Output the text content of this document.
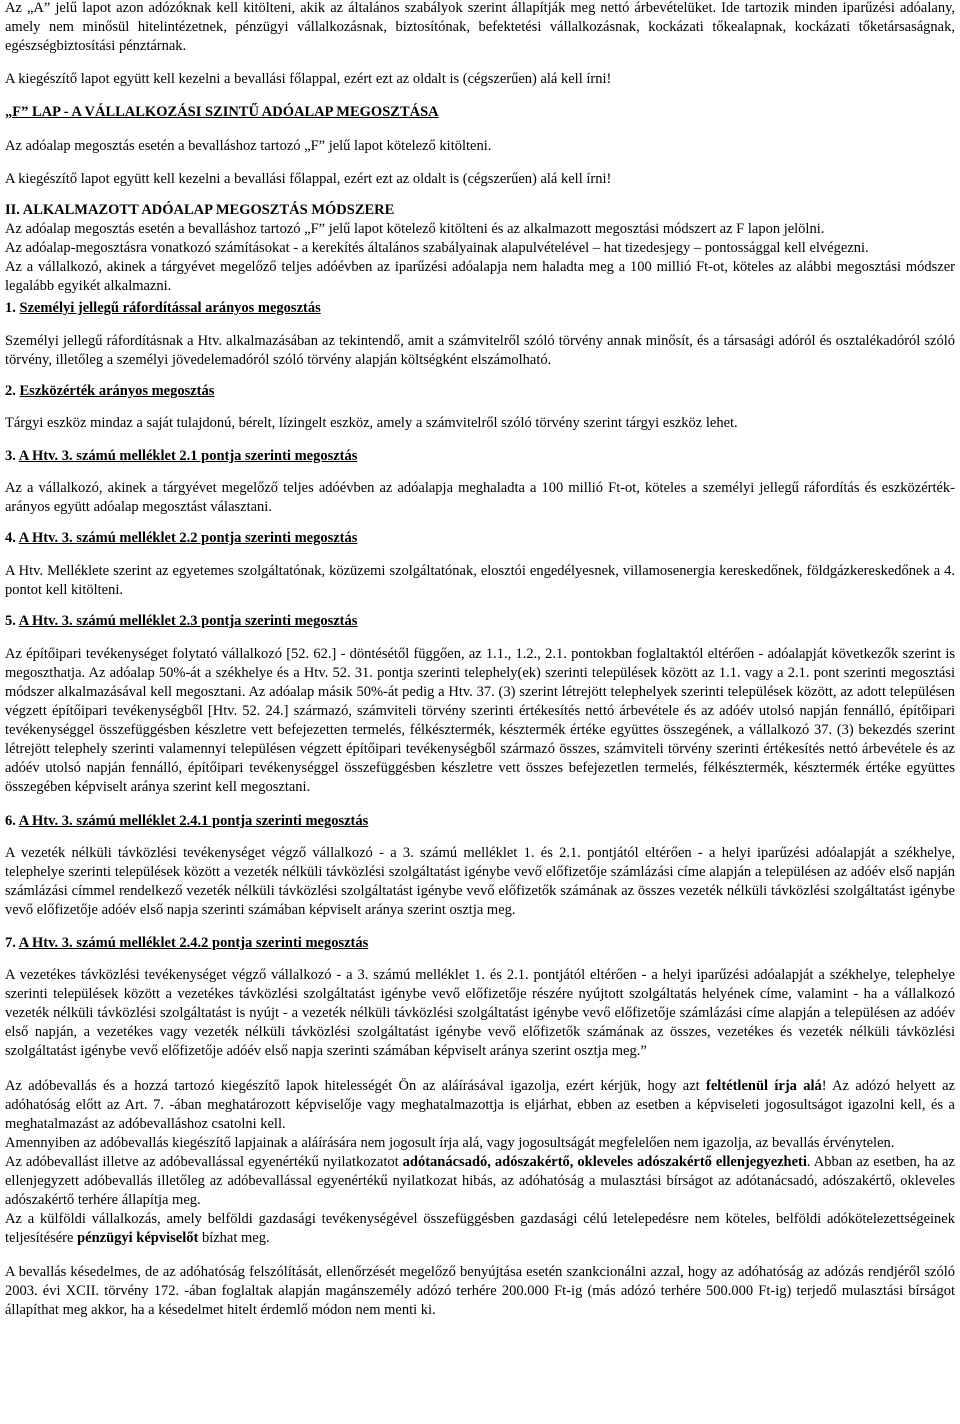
Az „A” jelű lapot azon adózóknak kell kitölteni, akik az általános szabályok szerint állapítják meg nettó árbevételüket. Ide tartozik minden iparűzési adóalany, amely nem minősül hitelintézetnek, pénzügyi vállalkozásnak, biztosítónak, befektetési vállalkozásnak, kockázati tőkealapnak, kockázati tőketársaságnak, egészségbiztosítási pénztárnak.

A kiegészítő lapot együtt kell kezelni a bevallási főlappal, ezért ezt az oldalt is (cégszerűen) alá kell írni!

„F” LAP - A VÁLLALKOZÁSI SZINTŰ ADÓALAP MEGOSZTÁSA

Az adóalap megosztás esetén a bevalláshoz tartozó „F” jelű lapot kötelező kitölteni.

A kiegészítő lapot együtt kell kezelni a bevallási főlappal, ezért ezt az oldalt is (cégszerűen) alá kell írni!

II. ALKALMAZOTT ADÓALAP MEGOSZTÁS MÓDSZERE

Az adóalap megosztás esetén a bevalláshoz tartozó „F” jelű lapot kötelező kitölteni és az alkalmazott megosztási módszert az F lapon jelölni.

Az adóalap-megosztásra vonatkozó számításokat - a kerekítés általános szabályainak alapulvételével – hat tizedesjegy – pontossággal kell elvégezni.

Az a vállalkozó, akinek a tárgyévet megelőző teljes adóévben az iparűzési adóalapja nem haladta meg a 100 millió Ft-ot, köteles az alábbi megosztási módszer legalább egyikét alkalmazni.

1. Személyi jellegű ráfordítással arányos megosztás

Személyi jellegű ráfordításnak a Htv. alkalmazásában az tekintendő, amit a számvitelről szóló törvény annak minősít, és a társasági adóról és osztalékadóról szóló törvény, illetőleg a személyi jövedelemadóról szóló törvény alapján költségként elszámolható.

2. Eszközérték arányos megosztás

Tárgyi eszköz mindaz a saját tulajdonú, bérelt, lízingelt eszköz, amely a számvitelről szóló törvény szerint tárgyi eszköz lehet.

3. A Htv. 3. számú melléklet 2.1 pontja szerinti megosztás

Az a vállalkozó, akinek a tárgyévet megelőző teljes adóévben az adóalapja meghaladta a 100 millió Ft-ot, köteles a személyi jellegű ráfordítás és eszközérték-arányos együtt adóalap megosztást választani.

4. A Htv. 3. számú melléklet 2.2 pontja szerinti megosztás

A Htv. Melléklete szerint az egyetemes szolgáltatónak, közüzemi szolgáltatónak, elosztói engedélyesnek, villamosenergia kereskedőnek, földgázkereskedőnek a 4. pontot kell kitölteni.

5. A Htv. 3. számú melléklet 2.3 pontja szerinti megosztás

Az építőipari tevékenységet folytató vállalkozó [52. 62.] - döntésétől függően, az 1.1., 1.2., 2.1. pontokban foglaltaktól eltérően - adóalapját következők szerint is megoszthatja. Az adóalap 50%-át a székhelye és a Htv. 52. 31. pontja szerinti telephely(ek) szerinti települések között az 1.1. vagy a 2.1. pont szerinti megosztási módszer alkalmazásával kell megosztani. Az adóalap másik 50%-át pedig a Htv. 37. (3) szerint létrejött telephelyek szerinti települések között, az adott településen végzett építőipari tevékenységből [Htv. 52. 24.] származó, számviteli törvény szerinti értékesítés nettó árbevétele és az adóév utolsó napján fennálló, építőipari tevékenységgel összefüggésben készletre vett befejezetten termelés, félkésztermék, késztermék értéke együttes összegének, a vállalkozó 37. (3) bekezdés szerint létrejött telephely szerinti valamennyi településen végzett építőipari tevékenységből származó összes, számviteli törvény szerinti értékesítés nettó árbevétele és az adóév utolsó napján fennálló, építőipari tevékenységgel összefüggésben készletre vett összes befejezetlen termelés, félkésztermék, késztermék értéke együttes összegében képviselt aránya szerint kell megosztani.

6. A Htv. 3. számú melléklet 2.4.1 pontja szerinti megosztás

A vezeték nélküli távközlési tevékenységet végző vállalkozó - a 3. számú melléklet 1. és 2.1. pontjától eltérően - a helyi iparűzési adóalapját a székhelye, telephelye szerinti települések között a vezeték nélküli távközlési szolgáltatást igénybe vevő előfizetője számlázási címe alapján a településen az adóév első napján számlázási címmel rendelkező vezeték nélküli távközlési szolgáltatást igénybe vevő előfizetők számának az összes vezeték nélküli távközlési szolgáltatást igénybe vevő előfizetője adóév első napja szerinti számában képviselt aránya szerint osztja meg.

7. A Htv. 3. számú melléklet 2.4.2 pontja szerinti megosztás

A vezetékes távközlési tevékenységet végző vállalkozó - a 3. számú melléklet 1. és 2.1. pontjától eltérően - a helyi iparűzési adóalapját a székhelye, telephelye szerinti települések között a vezetékes távközlési szolgáltatást igénybe vevő előfizetője részére nyújtott szolgáltatás helyének címe, valamint - ha a vállalkozó vezeték nélküli távközlési szolgáltatást is nyújt - a vezeték nélküli távközlési szolgáltatást igénybe vevő előfizetője számlázási címe alapján a településen az adóév első napján, a vezetékes vagy vezeték nélküli távközlési szolgáltatást igénybe vevő előfizetők számának az összes, vezetékes és vezeték nélküli távközlési szolgáltatást igénybe vevő előfizetője adóév első napja szerinti számában képviselt aránya szerint osztja meg.”

Az adóbevallás és a hozzá tartozó kiegészítő lapok hitelességét Ön az aláírásával igazolja, ezért kérjük, hogy azt feltétlenül írja alá! Az adózó helyett az adóhatóság előtt az Art. 7. -ában meghatározott képviselője vagy meghatalmazottja is eljárhat, ebben az esetben a képviseleti jogosultságot igazolni kell, és a meghatalmazást az adóbevalláshoz csatolni kell.

Amennyiben az adóbevallás kiegészítő lapjainak a aláírására nem jogosult írja alá, vagy jogosultságát megfelelően nem igazolja, az bevallás érvénytelen.

Az adóbevallást illetve az adóbevallással egyenértékű nyilatkozatot adótanácsadó, adószakértő, okleveles adószakértő ellenjegyezheti. Abban az esetben, ha az ellenjegyzett adóbevallás illetőleg az adóbevallással egyenértékű nyilatkozat hibás, az adóhatóság a mulasztási bírságot az adótanácsadó, adószakértő, okleveles adószakértő terhére állapítja meg.

Az a külföldi vállalkozás, amely belföldi gazdasági tevékenységével összefüggésben gazdasági célú letelepedésre nem köteles, belföldi adókötelezettségeinek teljesítésére pénzügyi képviselőt bízhat meg.

A bevallás késedelmes, de az adóhatóság felszólítását, ellenőrzését megelőző benyújtása esetén szankcionálni azzal, hogy az adóhatóság az adózás rendjéről szóló 2003. évi XCII. törvény 172. -ában foglaltak alapján magánszemély adózó terhére 200.000 Ft-ig (más adózó terhére 500.000 Ft-ig) terjedő mulasztási bírságot állapíthat meg akkor, ha a késedelmet hitelt érdemlő módon nem menti ki.
